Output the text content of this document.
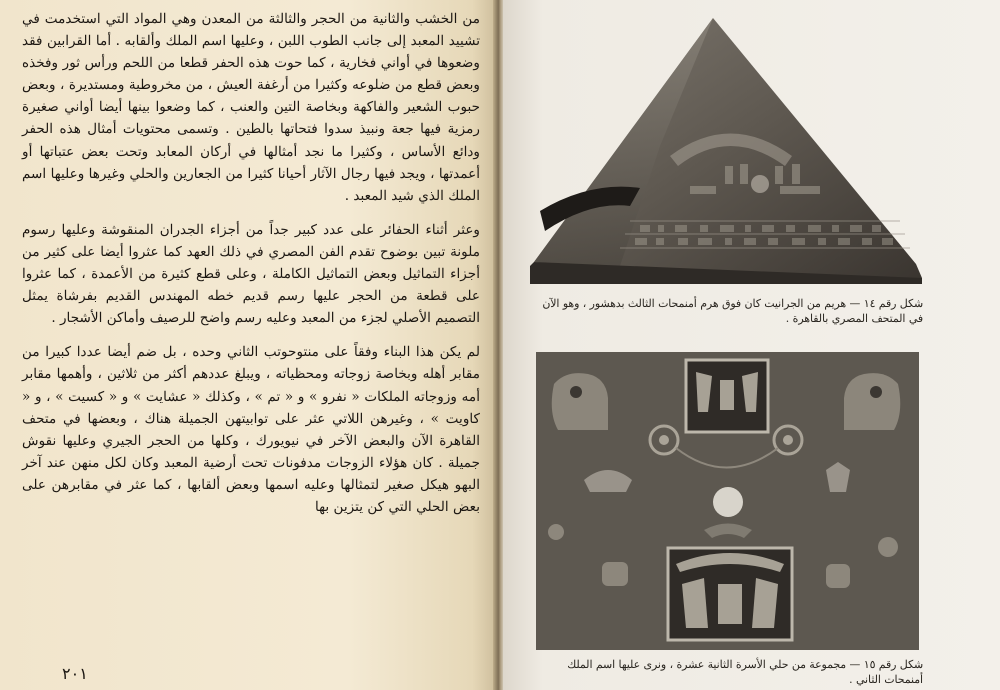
من الخشب والثانية من الحجر والثالثة من المعدن وهي المواد التي استخدمت في تشييد المعبد إلى جانب الطوب اللبن ، وعليها اسم الملك وألقابه . أما القرابين فقد وضعوها في أواني فخارية ، كما حوت هذه الحفر قطعا من اللحم ورأس ثور وفخذه وبعض قطع من ضلوعه وكثيرا من أرغفة العيش ، من مخروطية ومستديرة ، وبعض حبوب الشعير والفاكهة وبخاصة التين والعنب ، كما وضعوا بينها أيضا أواني صغيرة رمزية فيها جعة ونبيذ سدوا فتحاتها بالطين . وتسمى محتويات أمثال هذه الحفر ودائع الأساس ، وكثيرا ما نجد أمثالها في أركان المعابد وتحت بعض عتباتها أو أعمدتها ، ويجد فيها رجال الآثار أحيانا كثيرا من الجعارين والحلي وغيرها وعليها اسم الملك الذي شيد المعبد .

وعثر أثناء الحفائر على عدد كبير جداً من أجزاء الجدران المنقوشة وعليها رسوم ملونة تبين بوضوح تقدم الفن المصري في ذلك العهد كما عثروا أيضا على كثير من أجزاء التماثيل وبعض التماثيل الكاملة ، وعلى قطع كثيرة من الأعمدة ، كما عثروا على قطعة من الحجر عليها رسم قديم خطه المهندس القديم بفرشاة يمثل التصميم الأصلي لجزء من المعبد وعليه رسم واضح للرصيف وأماكن الأشجار .

لم يكن هذا البناء وفقاً على منتوحوتب الثاني وحده ، بل ضم أيضا عددا كبيرا من مقابر أهله وبخاصة زوجاته ومحظياته ، ويبلغ عددهم أكثر من ثلاثين ، وأهمها مقابر أمه وزوجاته الملكات « نفرو » و « تم » ، وكذلك « عشايت » و « كسيت » ، و « كاويت » ، وغيرهن اللاتي عثر على توابيتهن الجميلة هناك ، وبعضها في متحف القاهرة الآن والبعض الآخر في نيويورك ، وكلها من الحجر الجيري وعليها نقوش جميلة . كان هؤلاء الزوجات مدفونات تحت أرضية المعبد وكان لكل منهن عند آخر البهو هيكل صغير لتمثالها وعليه اسمها وبعض ألقابها ، كما عثر في مقابرهن على بعض الحلي التي كن يتزين بها

٢٠١
شكل رقم ١٤ — هريم من الجرانيت كان فوق هرم أمنمحات الثالث بدهشور ، وهو الآن في المتحف المصري بالقاهرة .
شكل رقم ١٥ — مجموعة من حلي الأسرة الثانية عشرة ، ونرى عليها اسم الملك أمنمحات الثاني .
